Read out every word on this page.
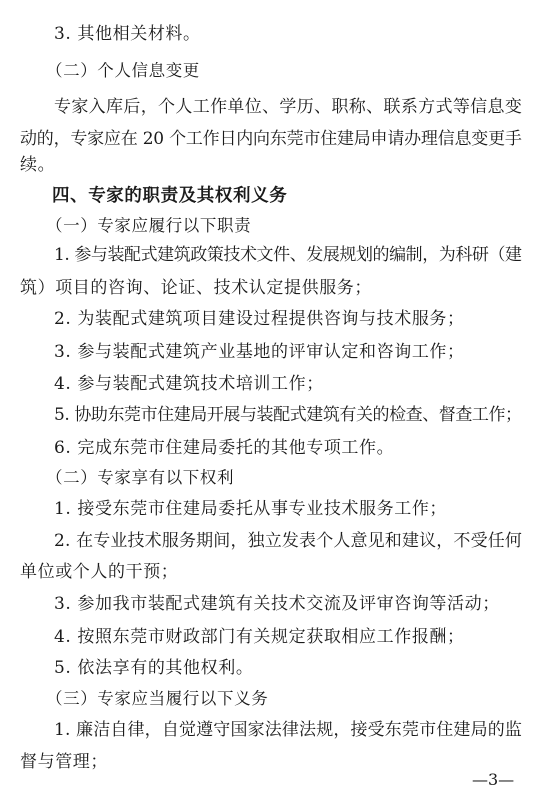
3. 其他相关材料。
（二）个人信息变更
专家入库后，个人工作单位、学历、职称、联系方式等信息变
动的，专家应在 20 个工作日内向东莞市住建局申请办理信息变更手
续。
四、专家的职责及其权利义务
（一）专家应履行以下职责
1. 参与装配式建筑政策技术文件、发展规划的编制，为科研（建
筑）项目的咨询、论证、技术认定提供服务；
2. 为装配式建筑项目建设过程提供咨询与技术服务；
3. 参与装配式建筑产业基地的评审认定和咨询工作；
4. 参与装配式建筑技术培训工作；
5. 协助东莞市住建局开展与装配式建筑有关的检查、督查工作；
6. 完成东莞市住建局委托的其他专项工作。
（二）专家享有以下权利
1. 接受东莞市住建局委托从事专业技术服务工作；
2. 在专业技术服务期间，独立发表个人意见和建议，不受任何
单位或个人的干预；
3. 参加我市装配式建筑有关技术交流及评审咨询等活动；
4. 按照东莞市财政部门有关规定获取相应工作报酬；
5. 依法享有的其他权利。
（三）专家应当履行以下义务
1. 廉洁自律，自觉遵守国家法律法规，接受东莞市住建局的监
督与管理；
—3—
